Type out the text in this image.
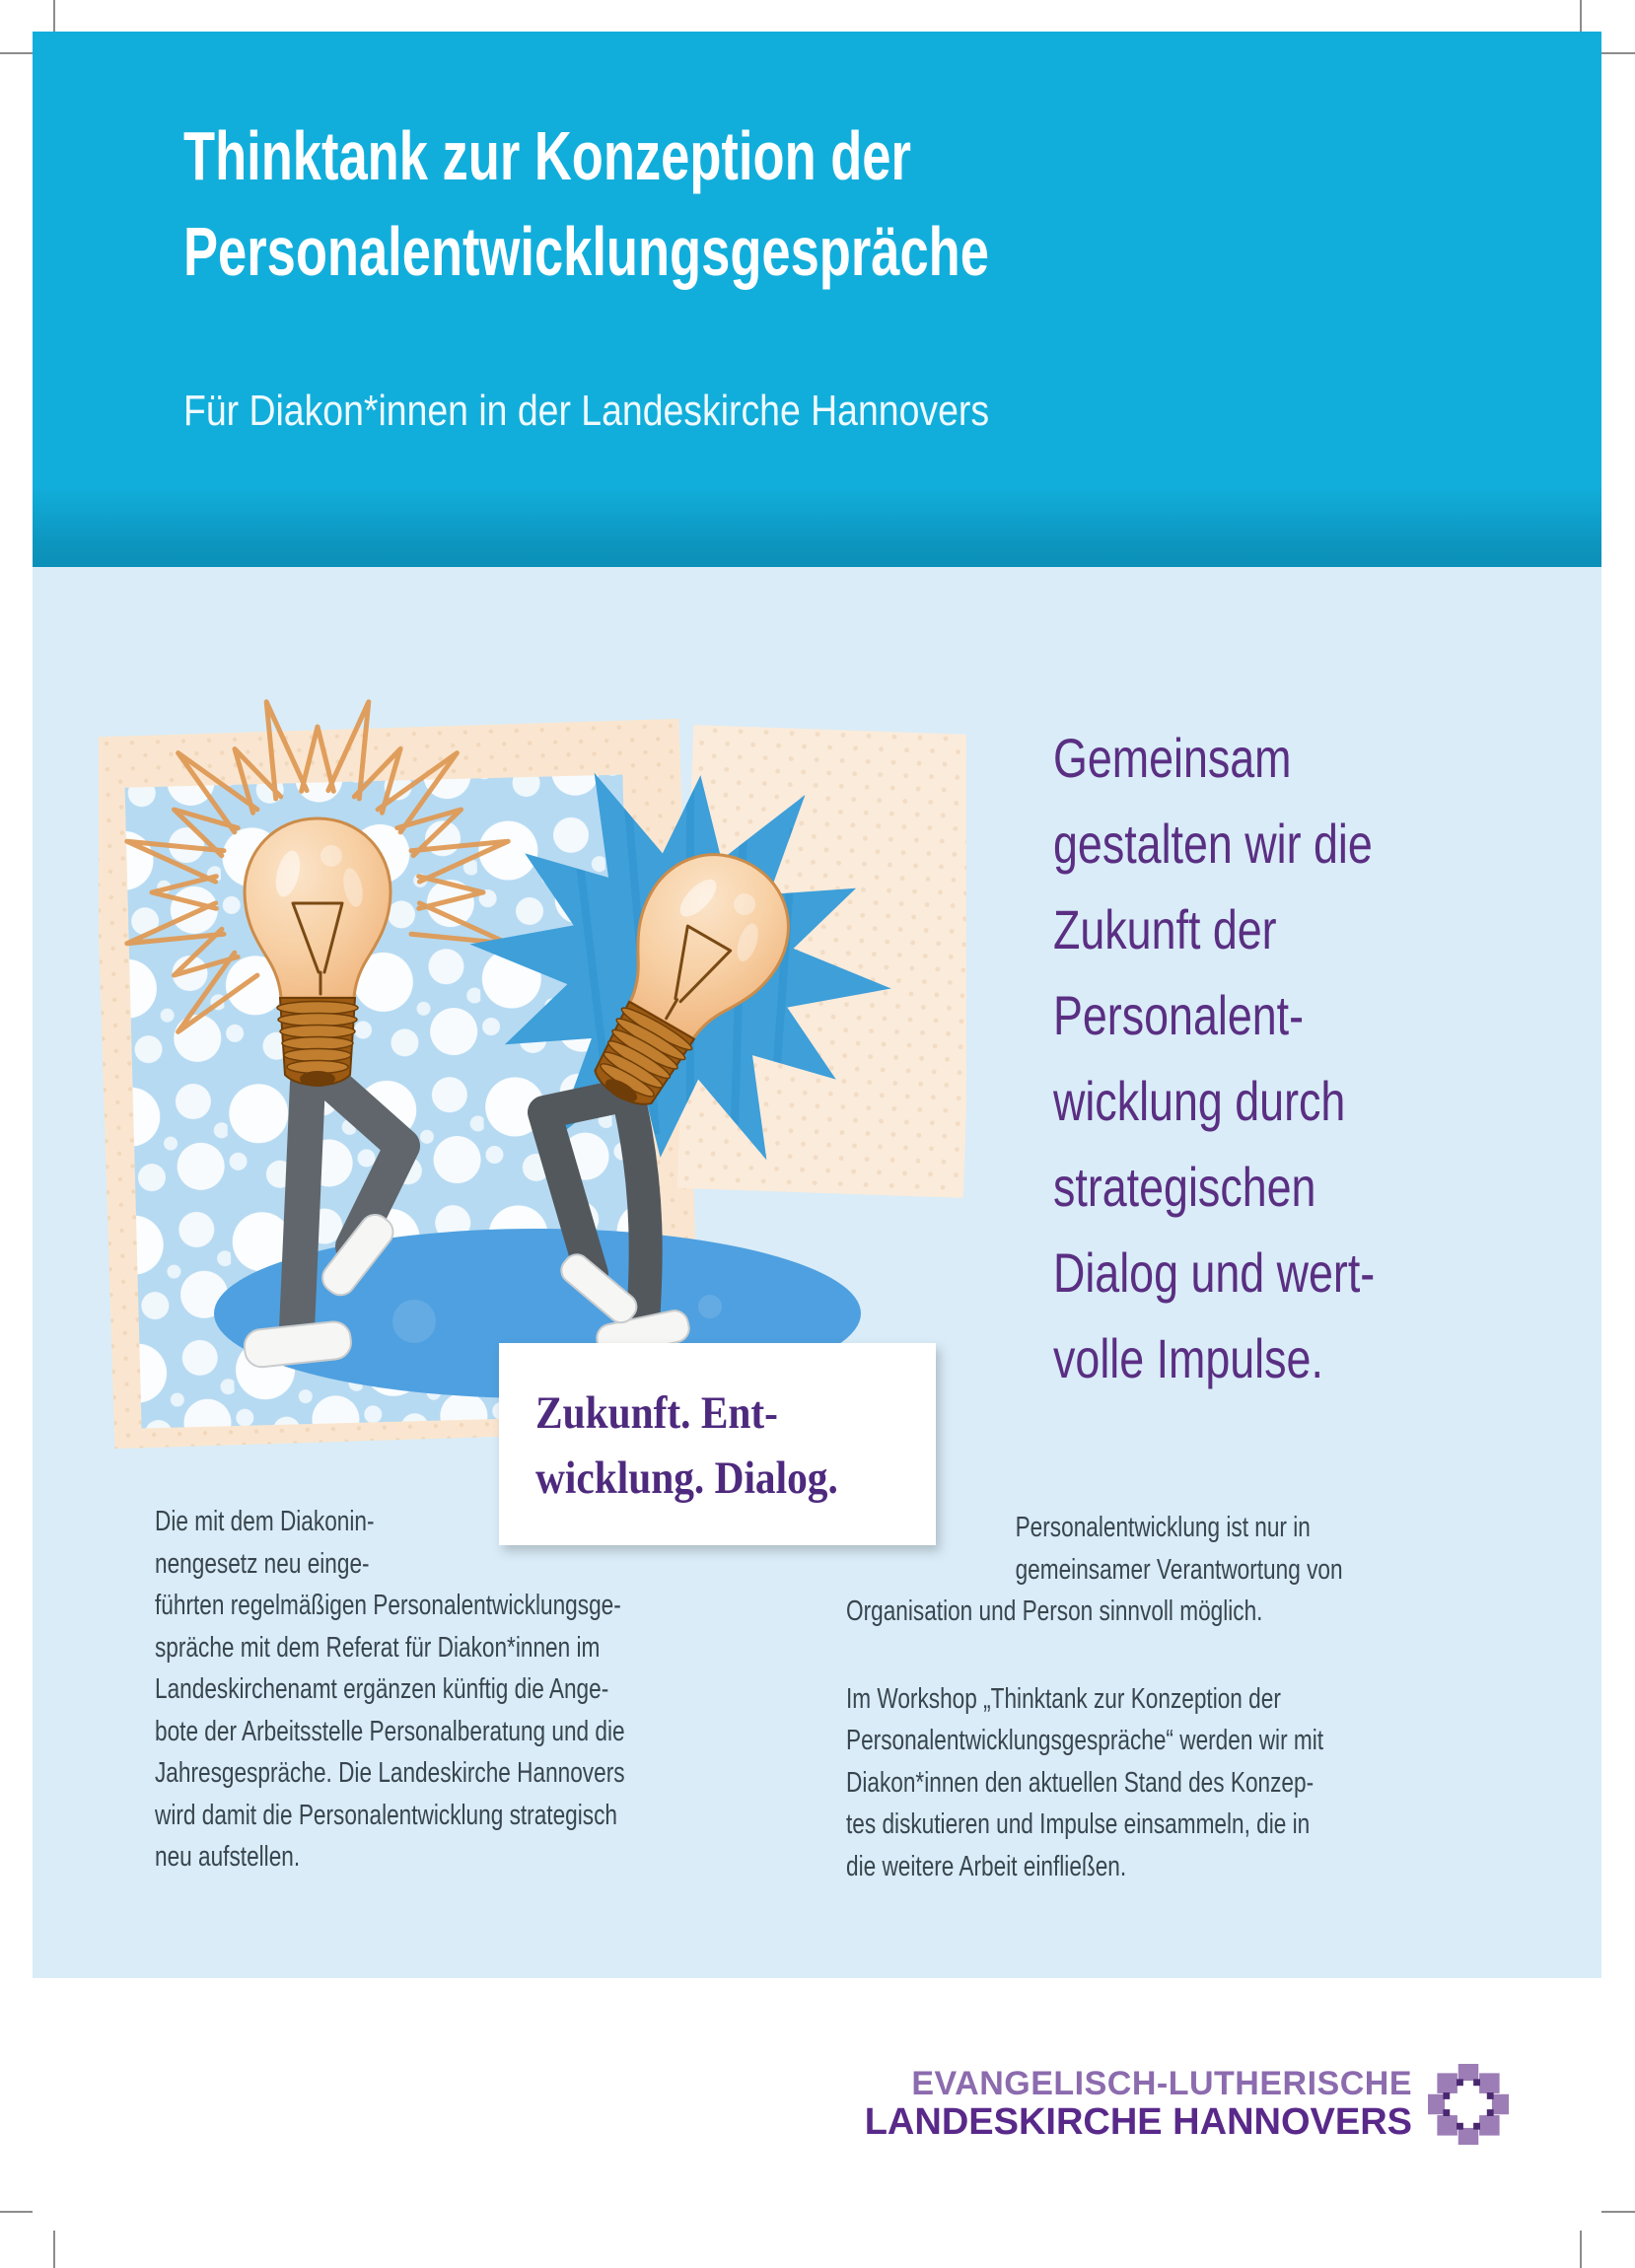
Thinktank zur Konzeption der
Personalentwicklungsgespräche
Für Diakon*innen in der Landeskirche Hannovers
Gemeinsam
gestalten wir die
Zukunft der
Personalent-
wicklung durch
strategischen
Dialog und wert-
volle Impulse.
Zukunft. Ent-
wicklung. Dialog.
Die mit dem Diakonin-
nengesetz neu einge-
führten regelmäßigen Personalentwicklungsge-
spräche mit dem Referat für Diakon*innen im
Landeskirchenamt ergänzen künftig die Ange-
bote der Arbeitsstelle Personalberatung und die
Jahresgespräche. Die Landeskirche Hannovers
wird damit die Personalentwicklung strategisch
neu aufstellen.
Personalentwicklung ist nur in
gemeinsamer Verantwortung von
Organisation und Person sinnvoll möglich.
Im Workshop „Thinktank zur Konzeption der
Personalentwicklungsgespräche“ werden wir mit
Diakon*innen den aktuellen Stand des Konzep-
tes diskutieren und Impulse einsammeln, die in
die weitere Arbeit einfließen.
EVANGELISCH-LUTHERISCHE
LANDESKIRCHE HANNOVERS
